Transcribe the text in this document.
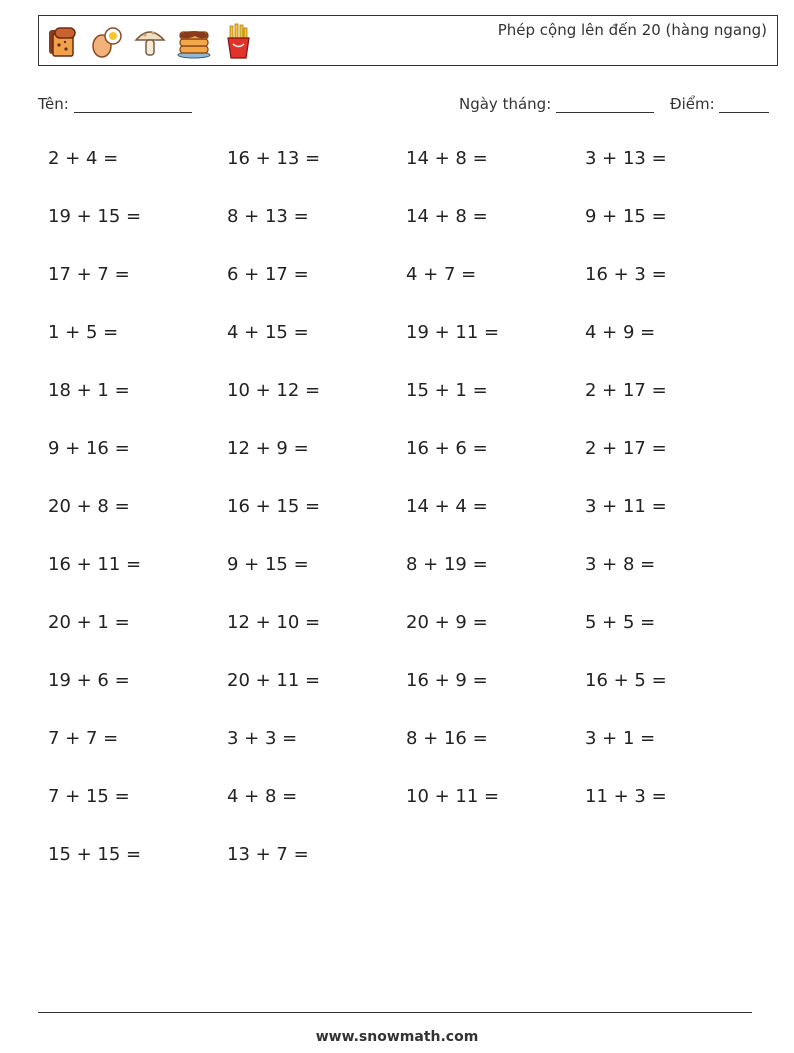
Phép cộng lên đến 20 (hàng ngang)
Tên:	Ngày tháng:	Điểm:
2 + 4 =	16 + 13 =	14 + 8 =	3 + 13 =
19 + 15 =	8 + 13 =	14 + 8 =	9 + 15 =
17 + 7 =	6 + 17 =	4 + 7 =	16 + 3 =
1 + 5 =	4 + 15 =	19 + 11 =	4 + 9 =
18 + 1 =	10 + 12 =	15 + 1 =	2 + 17 =
9 + 16 =	12 + 9 =	16 + 6 =	2 + 17 =
20 + 8 =	16 + 15 =	14 + 4 =	3 + 11 =
16 + 11 =	9 + 15 =	8 + 19 =	3 + 8 =
20 + 1 =	12 + 10 =	20 + 9 =	5 + 5 =
19 + 6 =	20 + 11 =	16 + 9 =	16 + 5 =
7 + 7 =	3 + 3 =	8 + 16 =	3 + 1 =
7 + 15 =	4 + 8 =	10 + 11 =	11 + 3 =
15 + 15 =	13 + 7 =
www.snowmath.com
